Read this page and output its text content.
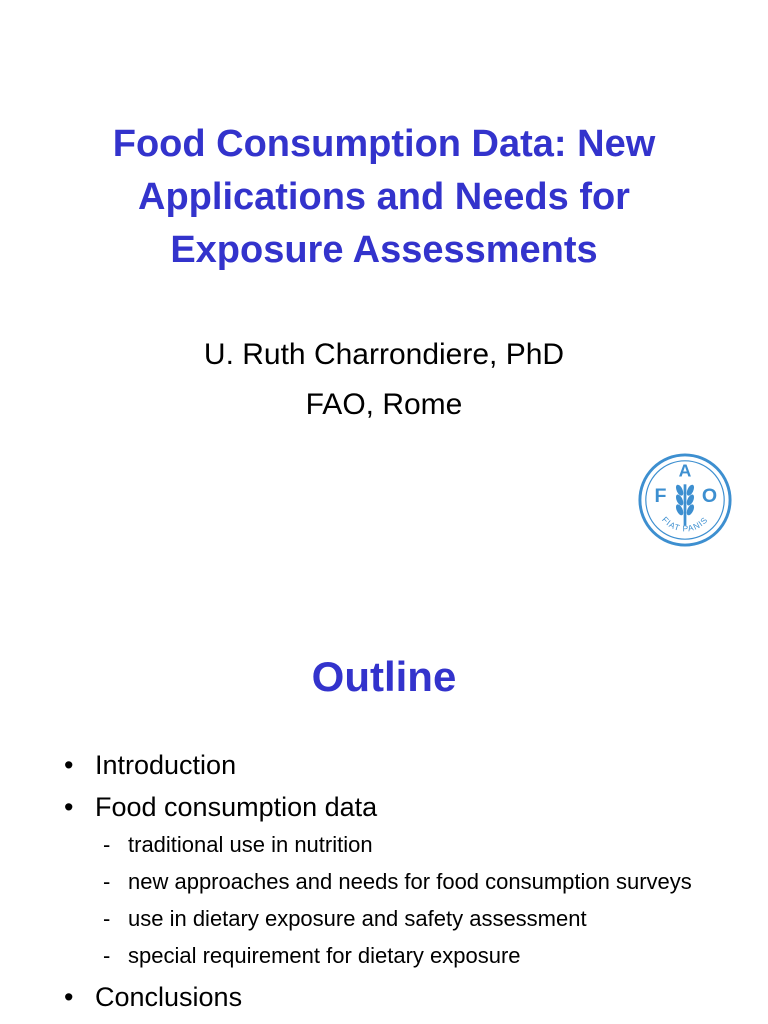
Food Consumption Data: New
Applications and Needs for
Exposure Assessments
U. Ruth Charrondiere, PhD
FAO, Rome
F
A
O
FIAT PANIS
Outline
• Introduction
• Food consumption data
- traditional use in nutrition
- new approaches and needs for food consumption surveys
- use in dietary exposure and safety assessment
- special requirement for dietary exposure
• Conclusions
